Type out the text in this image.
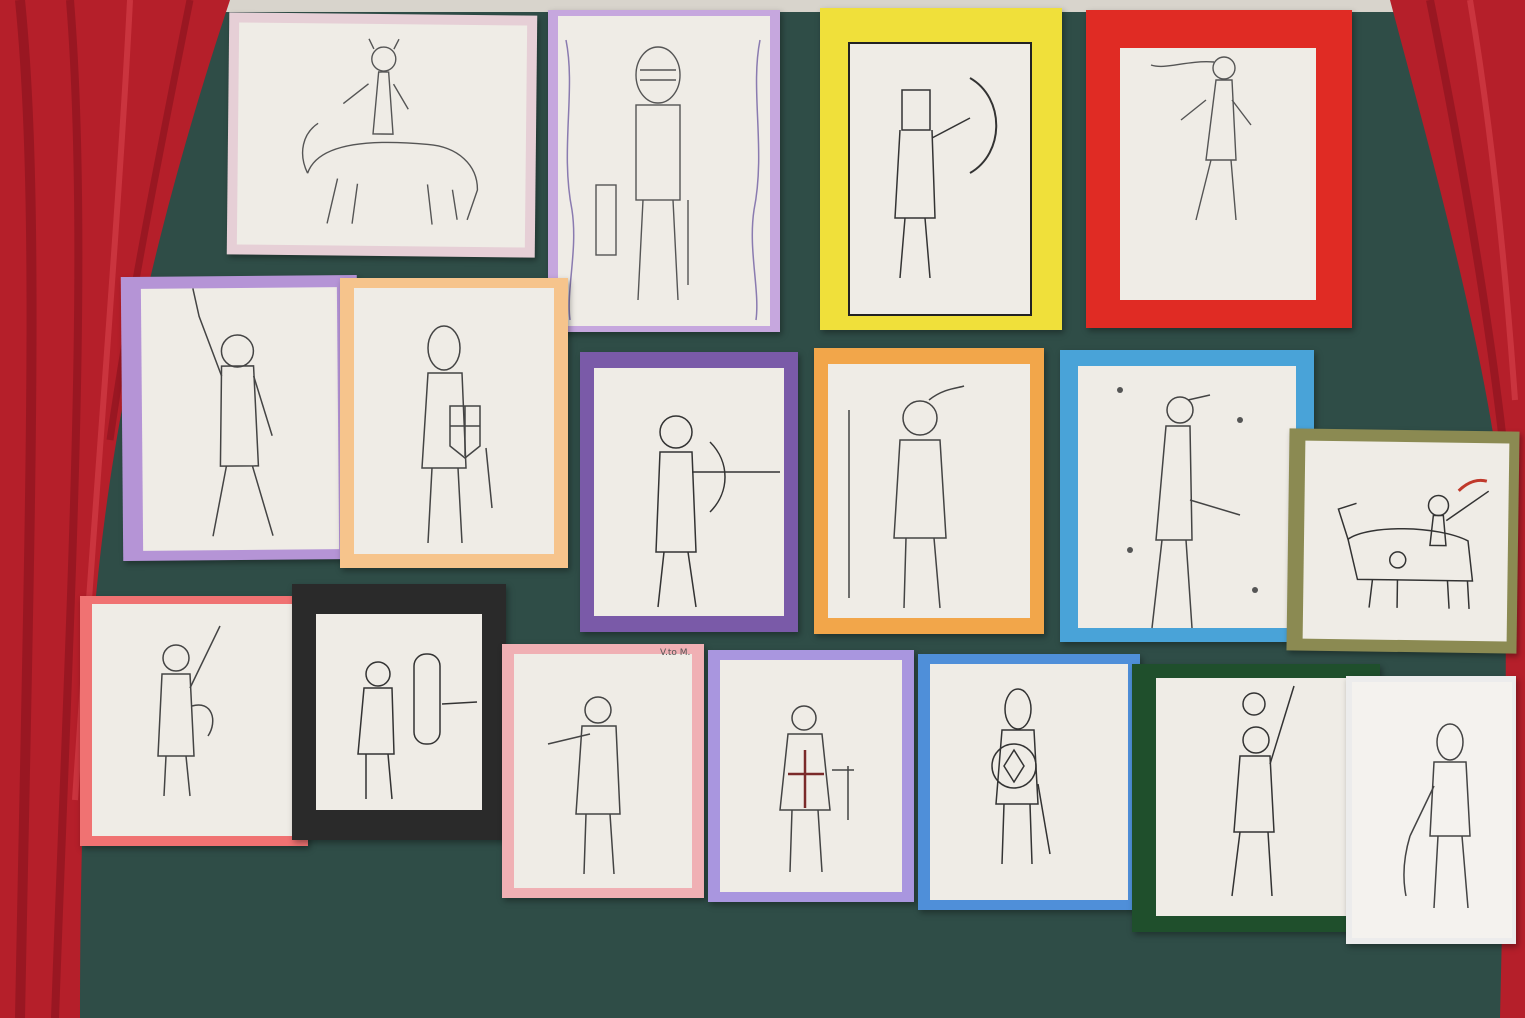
V.to M.
